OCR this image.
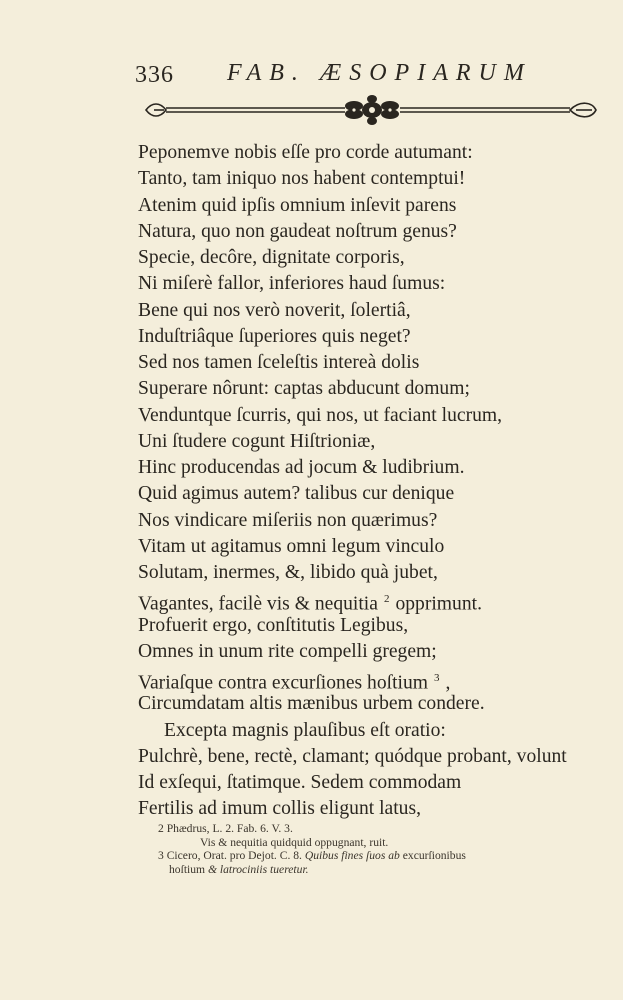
336 FAB. ÆSOPIARUM
Peponemve nobis eſſe pro corde autumant:
Tanto, tam iniquo nos habent contemptui!
Atenim quid ipſis omnium inſevit parens
Natura, quo non gaudeat noſtrum genus?
Specie, decôre, dignitate corporis,
Ni miſerè fallor, inferiores haud ſumus:
Bene qui nos verò noverit, ſolertiâ,
Induſtriâque ſuperiores quis neget?
Sed nos tamen ſceleſtis intereà dolis
Superare nôrunt: captas abducunt domum;
Venduntque ſcurris, qui nos, ut faciant lucrum,
Uni ſtudere cogunt Hiſtrioniæ,
Hinc producendas ad jocum & ludibrium.
Quid agimus autem? talibus cur denique
Nos vindicare miſeriis non quærimus?
Vitam ut agitamus omni legum vinculo
Solutam, inermes, &, libido quà jubet,
Vagantes, facilè vis & nequitia $^2$ opprimunt.
Profuerit ergo, conſtitutis Legibus,
Omnes in unum rite compelli gregem;
Variaſque contra excurſiones hoſtium $^3$ ,
Circumdatam altis mænibus urbem condere.
Excepta magnis plauſibus eſt oratio:
Pulchrè, bene, rectè, clamant; quódque probant, volunt
Id exſequi, ſtatimque. Sedem commodam
Fertilis ad imum collis eligunt latus,
2 Phædrus, L. 2. Fab. 6. V. 3.
Vis & nequitia quidquid oppugnant, ruit.
3 Cicero, Orat. pro Dejot. C. 8. Quibus fines ſuos ab excurſionibus
hoſtium & latrociniis tueretur.
